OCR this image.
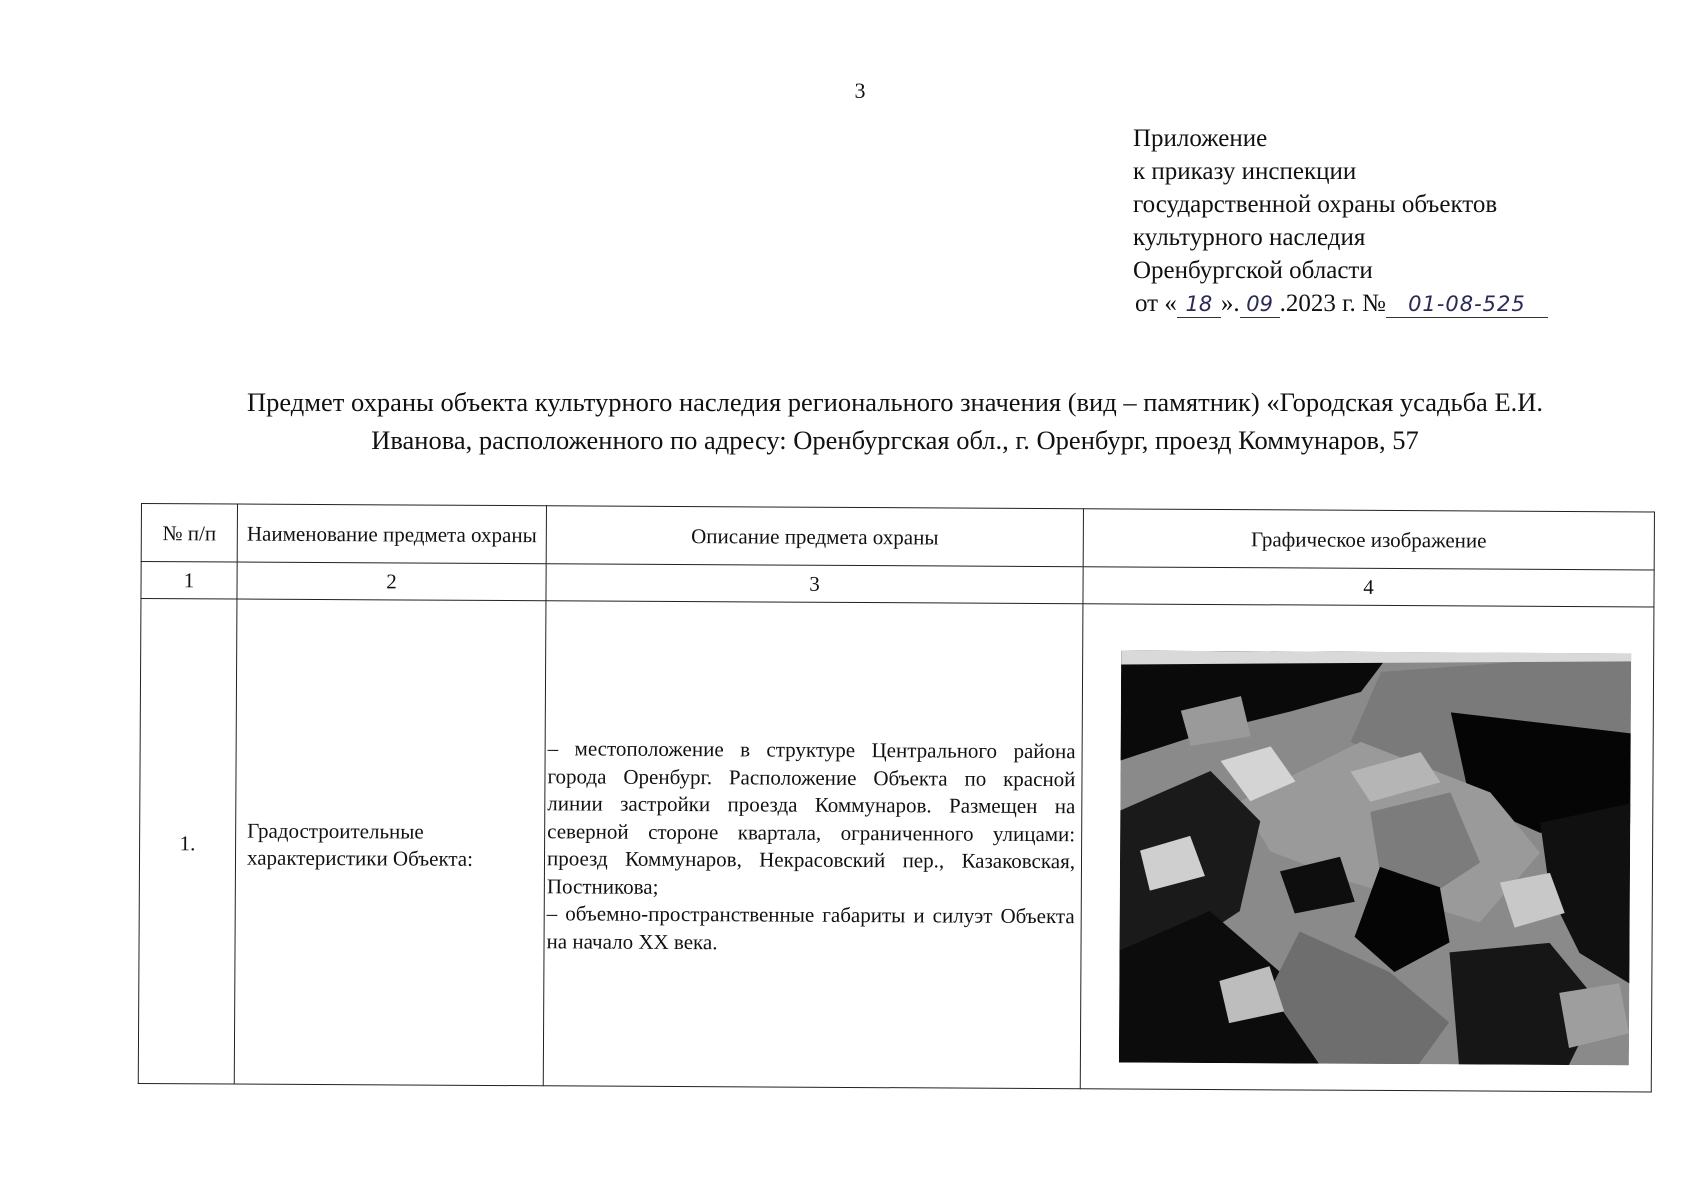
3
Приложение
к приказу инспекции
государственной охраны объектов
культурного наследия
Оренбургской области
от « 18 ». 09 .2023 г. № 01-08-525
Предмет охраны объекта культурного наследия регионального значения (вид – памятник) «Городская усадьба Е.И.
Иванова, расположенного по адресу: Оренбургская обл., г. Оренбург, проезд Коммунаров, 57
№ п/п	Наименование предмета охраны	Описание предмета охраны	Графическое изображение
1	2	3	4
1.	Градостроительные характеристики Объекта:	– местоположение в структуре Центрального района города Оренбург. Расположение Объекта по красной линии застройки проезда Коммунаров. Размещен на северной стороне квартала, ограниченного улицами: проезд Коммунаров, Некрасовский пер., Казаковская, Постникова;

– объемно-пространственные габариты и силуэт Объекта на начало XX века.
